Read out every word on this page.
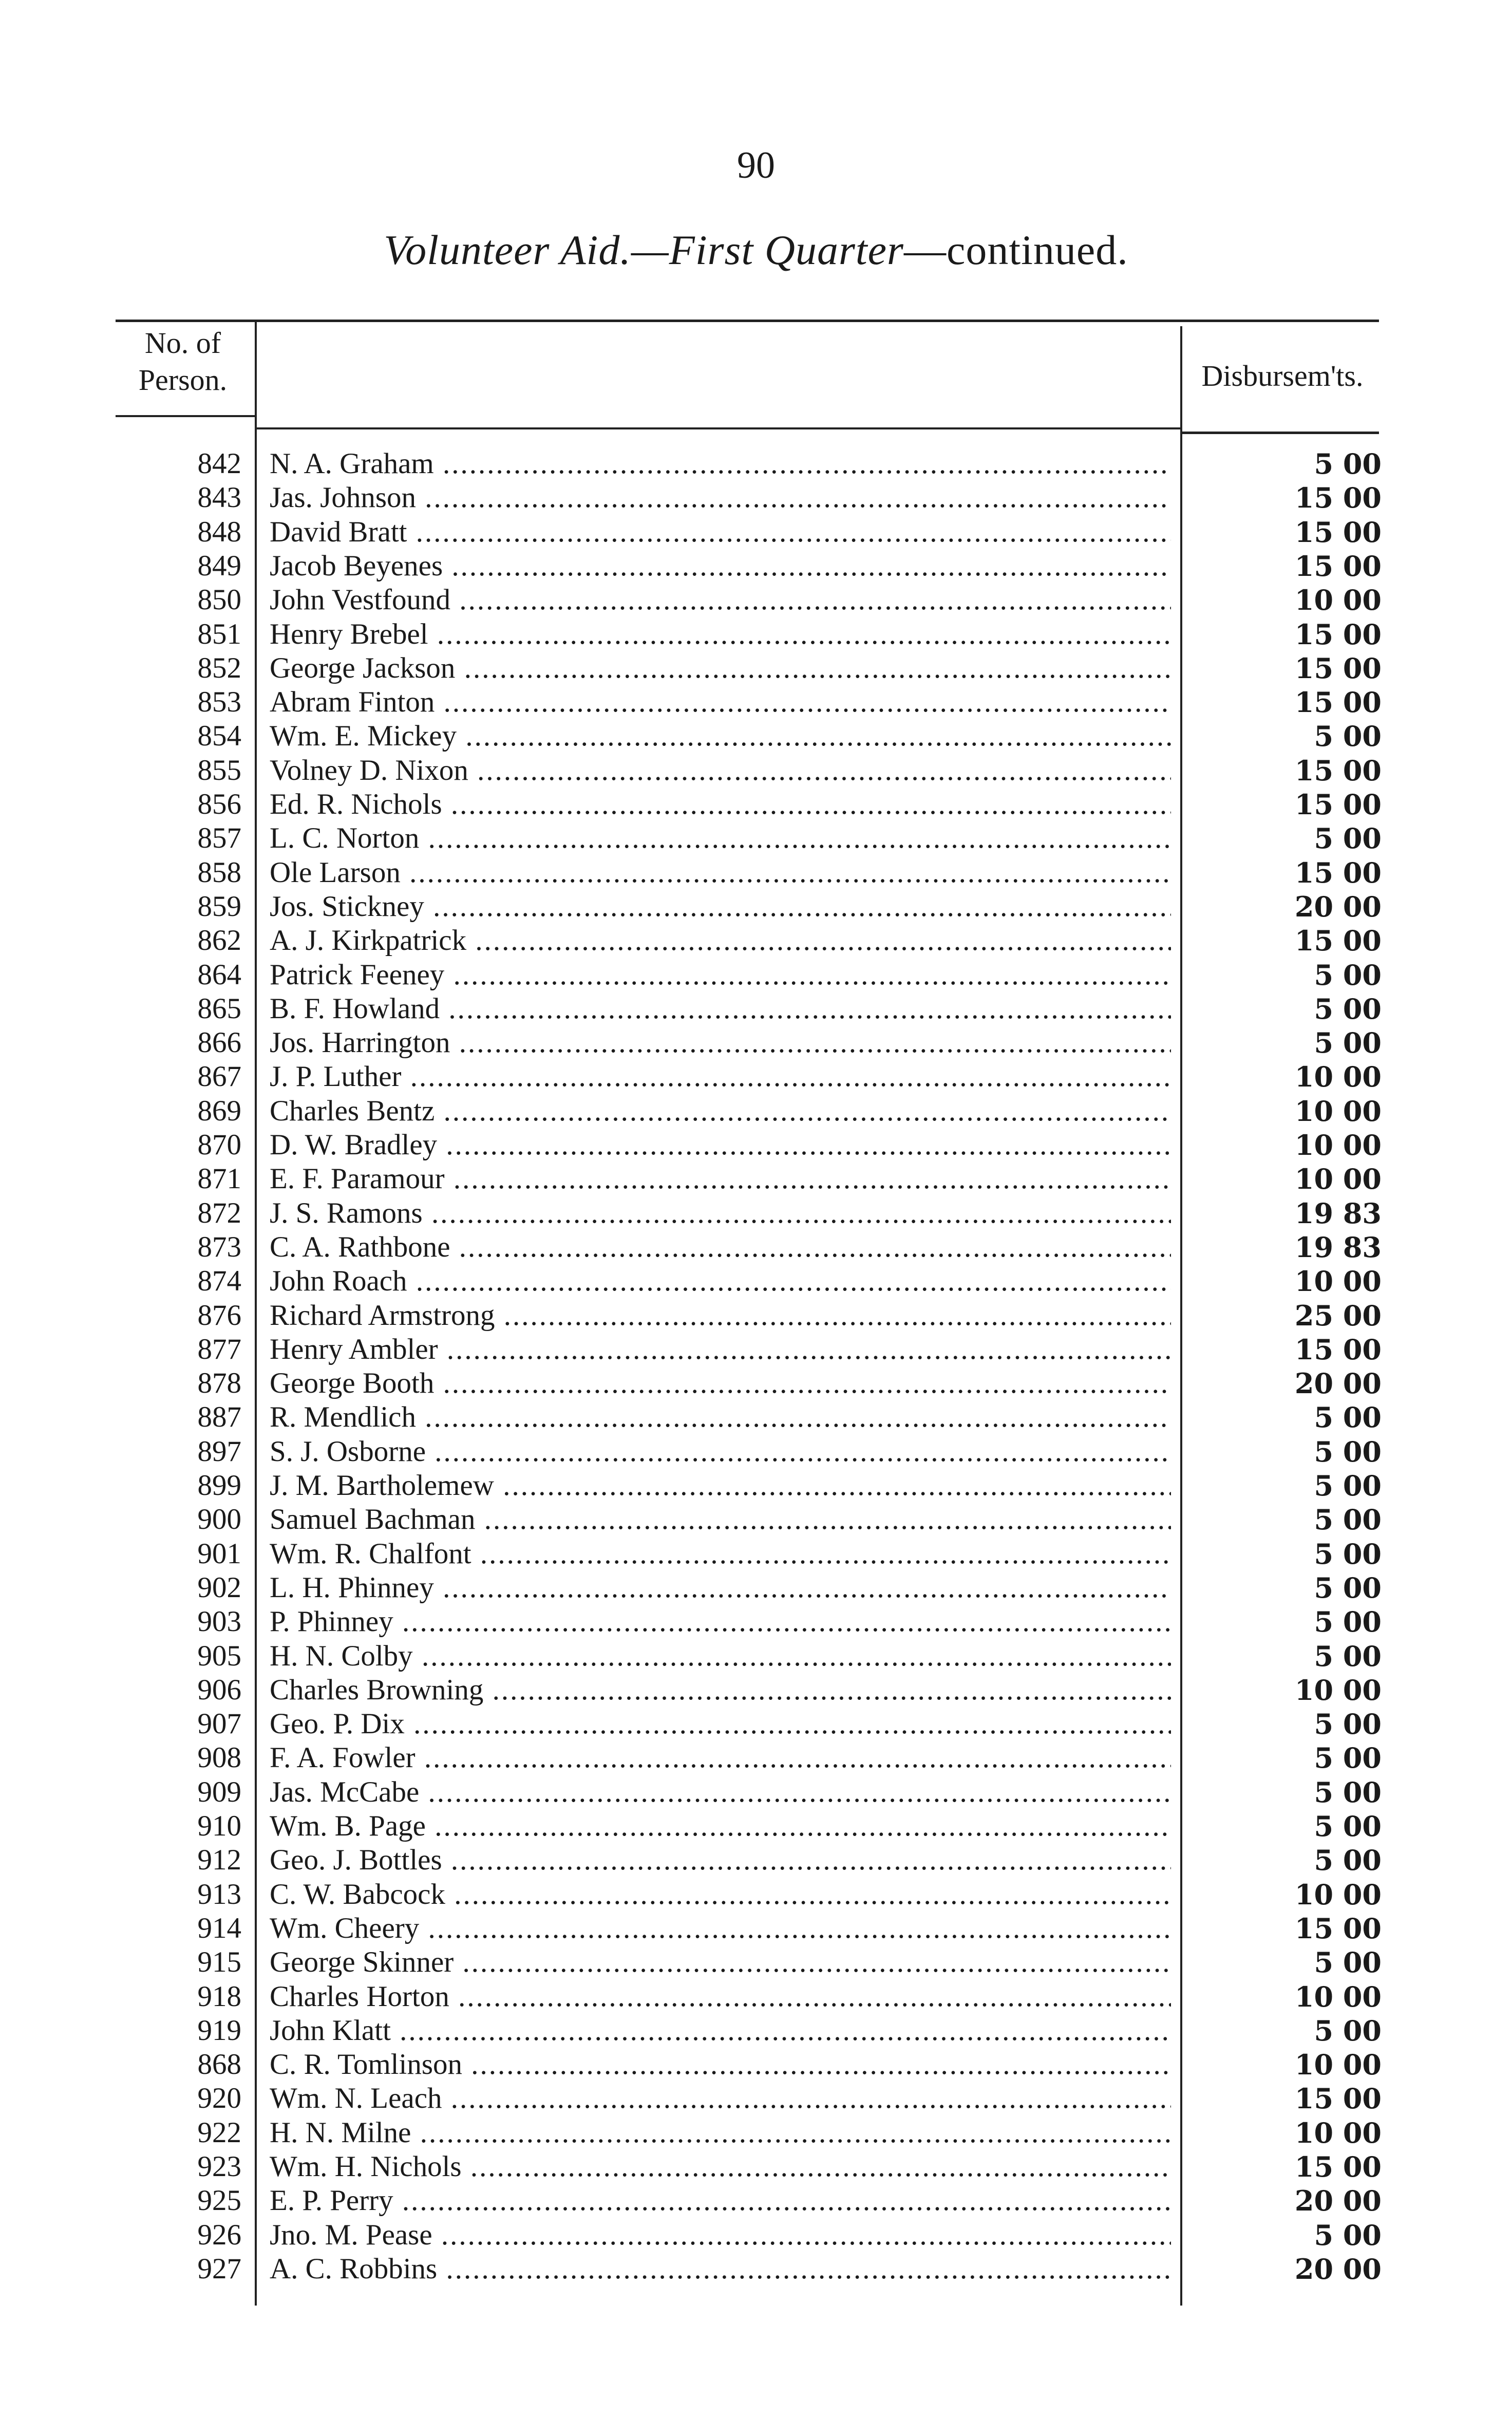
90
Volunteer Aid.—First Quarter—continued.
No. of
Person.	Disbursem'ts.
842 N. A. Graham .....	5 00
843 Jas. Johnson .....	15 00
848 David Bratt .....	15 00
849 Jacob Beyenes .....	15 00
850 John Vestfound .....	10 00
851 Henry Brebel .....	15 00
852 George Jackson .....	15 00
853 Abram Finton .....	15 00
854 Wm. E. Mickey .....	5 00
855 Volney D. Nixon .....	15 00
856 Ed. R. Nichols .....	15 00
857 L. C. Norton .....	5 00
858 Ole Larson .....	15 00
859 Jos. Stickney .....	20 00
862 A. J. Kirkpatrick .....	15 00
864 Patrick Feeney .....	5 00
865 B. F. Howland .....	5 00
866 Jos. Harrington .....	5 00
867 J. P. Luther .....	10 00
869 Charles Bentz .....	10 00
870 D. W. Bradley .....	10 00
871 E. F. Paramour .....	10 00
872 J. S. Ramons .....	19 83
873 C. A. Rathbone .....	19 83
874 John Roach .....	10 00
876 Richard Armstrong .....	25 00
877 Henry Ambler .....	15 00
878 George Booth .....	20 00
887 R. Mendlich .....	5 00
897 S. J. Osborne .....	5 00
899 J. M. Bartholemew .....	5 00
900 Samuel Bachman .....	5 00
901 Wm. R. Chalfont .....	5 00
902 L. H. Phinney .....	5 00
903 P. Phinney .....	5 00
905 H. N. Colby .....	5 00
906 Charles Browning .....	10 00
907 Geo. P. Dix .....	5 00
908 F. A. Fowler .....	5 00
909 Jas. McCabe .....	5 00
910 Wm. B. Page .....	5 00
912 Geo. J. Bottles .....	5 00
913 C. W. Babcock .....	10 00
914 Wm. Cheery .....	15 00
915 George Skinner .....	5 00
918 Charles Horton .....	10 00
919 John Klatt .....	5 00
868 C. R. Tomlinson .....	10 00
920 Wm. N. Leach .....	15 00
922 H. N. Milne .....	10 00
923 Wm. H. Nichols .....	15 00
925 E. P. Perry .....	20 00
926 Jno. M. Pease .....	5 00
927 A. C. Robbins .....	20 00
